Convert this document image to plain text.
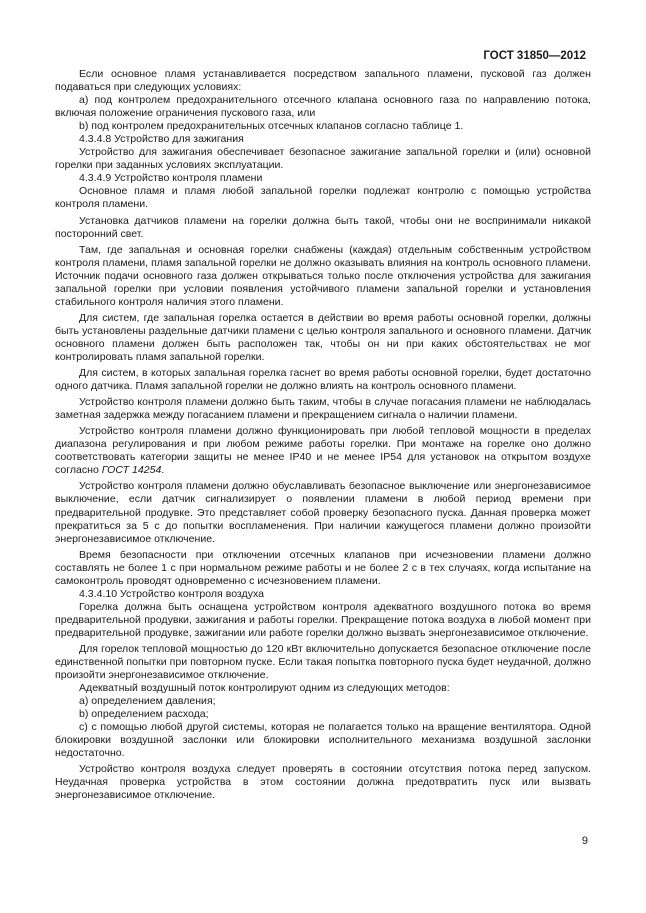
ГОСТ 31850—2012

Если основное пламя устанавливается посредством запального пламени, пусковой газ должен подаваться при следующих условиях:

a) под контролем предохранительного отсечного клапана основного газа по направлению потока, включая положение ограничения пускового газа, или

b) под контролем предохранительных отсечных клапанов согласно таблице 1.

4.3.4.8 Устройство для зажигания

Устройство для зажигания обеспечивает безопасное зажигание запальной горелки и (или) основной горелки при заданных условиях эксплуатации.

4.3.4.9 Устройство контроля пламени

Основное пламя и пламя любой запальной горелки подлежат контролю с помощью устройства контроля пламени.

Установка датчиков пламени на горелки должна быть такой, чтобы они не воспринимали никакой посторонний свет.

Там, где запальная и основная горелки снабжены (каждая) отдельным собственным устройством контроля пламени, пламя запальной горелки не должно оказывать влияния на контроль основного пламени. Источник подачи основного газа должен открываться только после отключения устройства для зажигания запальной горелки при условии появления устойчивого пламени запальной горелки и установления стабильного контроля наличия этого пламени.

Для систем, где запальная горелка остается в действии во время работы основной горелки, должны быть установлены раздельные датчики пламени с целью контроля запального и основного пламени. Датчик основного пламени должен быть расположен так, чтобы он ни при каких обстоятельствах не мог контролировать пламя запальной горелки.

Для систем, в которых запальная горелка гаснет во время работы основной горелки, будет достаточно одного датчика. Пламя запальной горелки не должно влиять на контроль основного пламени.

Устройство контроля пламени должно быть таким, чтобы в случае погасания пламени не наблюдалась заметная задержка между погасанием пламени и прекращением сигнала о наличии пламени.

Устройство контроля пламени должно функционировать при любой тепловой мощности в пределах диапазона регулирования и при любом режиме работы горелки. При монтаже на горелке оно должно соответствовать категории защиты не менее IP40 и не менее IP54 для установок на открытом воздухе согласно ГОСТ 14254.

Устройство контроля пламени должно обуславливать безопасное выключение или энергонезависимое выключение, если датчик сигнализирует о появлении пламени в любой период времени при предварительной продувке. Это представляет собой проверку безопасного пуска. Данная проверка может прекратиться за 5 с до попытки воспламенения. При наличии кажущегося пламени должно произойти энергонезависимое отключение.

Время безопасности при отключении отсечных клапанов при исчезновении пламени должно составлять не более 1 с при нормальном режиме работы и не более 2 с в тех случаях, когда испытание на самоконтроль проводят одновременно с исчезновением пламени.

4.3.4.10 Устройство контроля воздуха

Горелка должна быть оснащена устройством контроля адекватного воздушного потока во время предварительной продувки, зажигания и работы горелки. Прекращение потока воздуха в любой момент при предварительной продувке, зажигании или работе горелки должно вызвать энергонезависимое отключение.

Для горелок тепловой мощностью до 120 кВт включительно допускается безопасное отключение после единственной попытки при повторном пуске. Если такая попытка повторного пуска будет неудачной, должно произойти энергонезависимое отключение.

Адекватный воздушный поток контролируют одним из следующих методов:

a) определением давления;

b) определением расхода;

c) с помощью любой другой системы, которая не полагается только на вращение вентилятора. Одной блокировки воздушной заслонки или блокировки исполнительного механизма воздушной заслонки недостаточно.

Устройство контроля воздуха следует проверять в состоянии отсутствия потока перед запуском. Неудачная проверка устройства в этом состоянии должна предотвратить пуск или вызвать энергонезависимое отключение.

9
